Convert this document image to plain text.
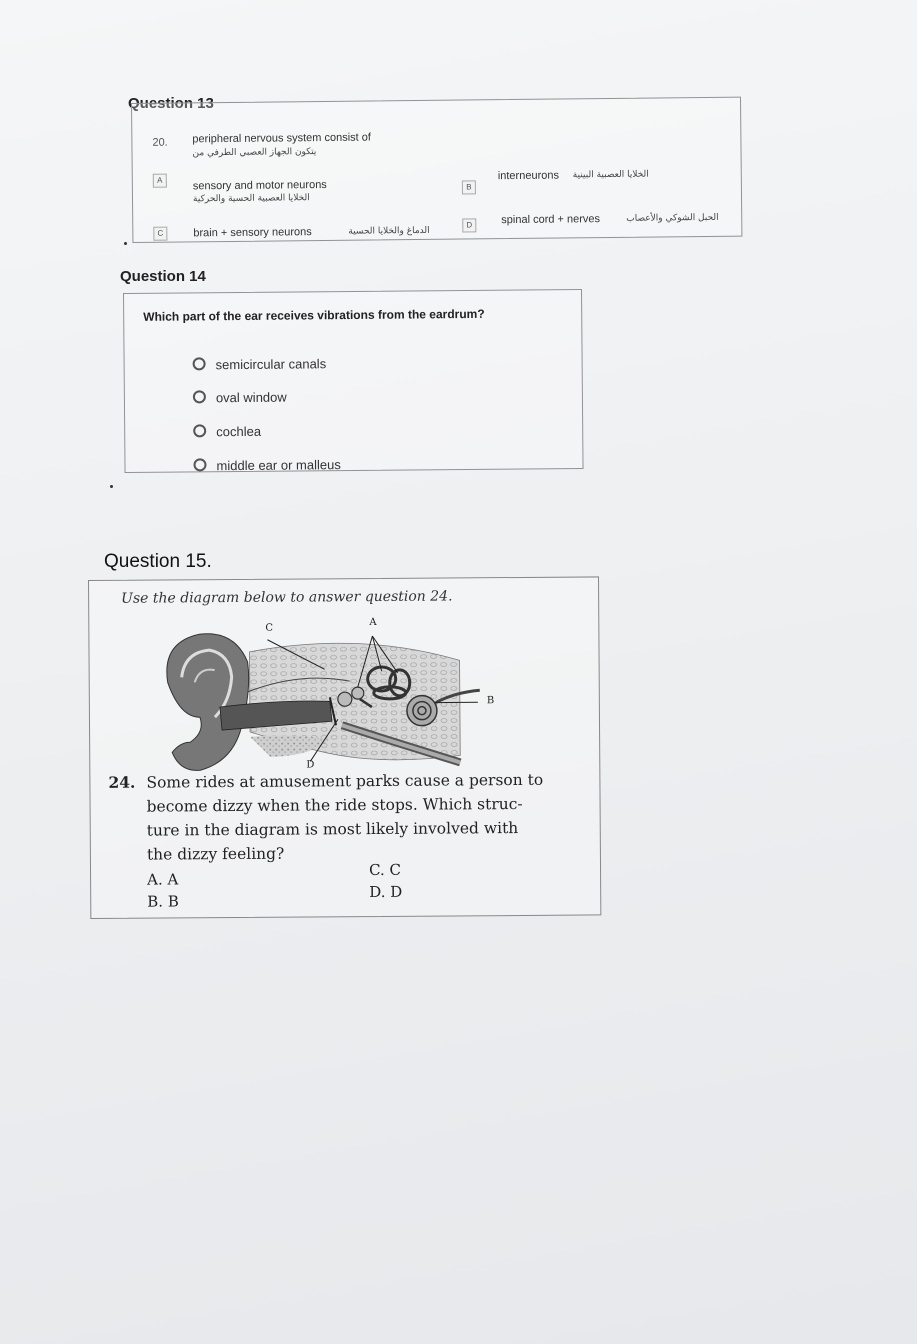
Question 13
20. peripheral nervous system consist of
يتكون الجهاز العصبي الطرفي من
A	sensory and motor neurons
الخلايا العصبية الحسية والحركية
B
interneurons الخلايا العصبية البينية
C	brain + sensory neurons	الدماغ والخلايا الحسية
D	spinal cord + nerves	الحبل الشوكي والأعصاب
Question 14
Which part of the ear receives vibrations from the eardrum?
semicircular canals
oval window
cochlea
middle ear or malleus
Question 15.
Use the diagram below to answer question 24.
C
A
B
D
24. Some rides at amusement parks cause a person to
become dizzy when the ride stops. Which struc-
ture in the diagram is most likely involved with
the dizzy feeling?
A. A
B. B
C. C
D. D
